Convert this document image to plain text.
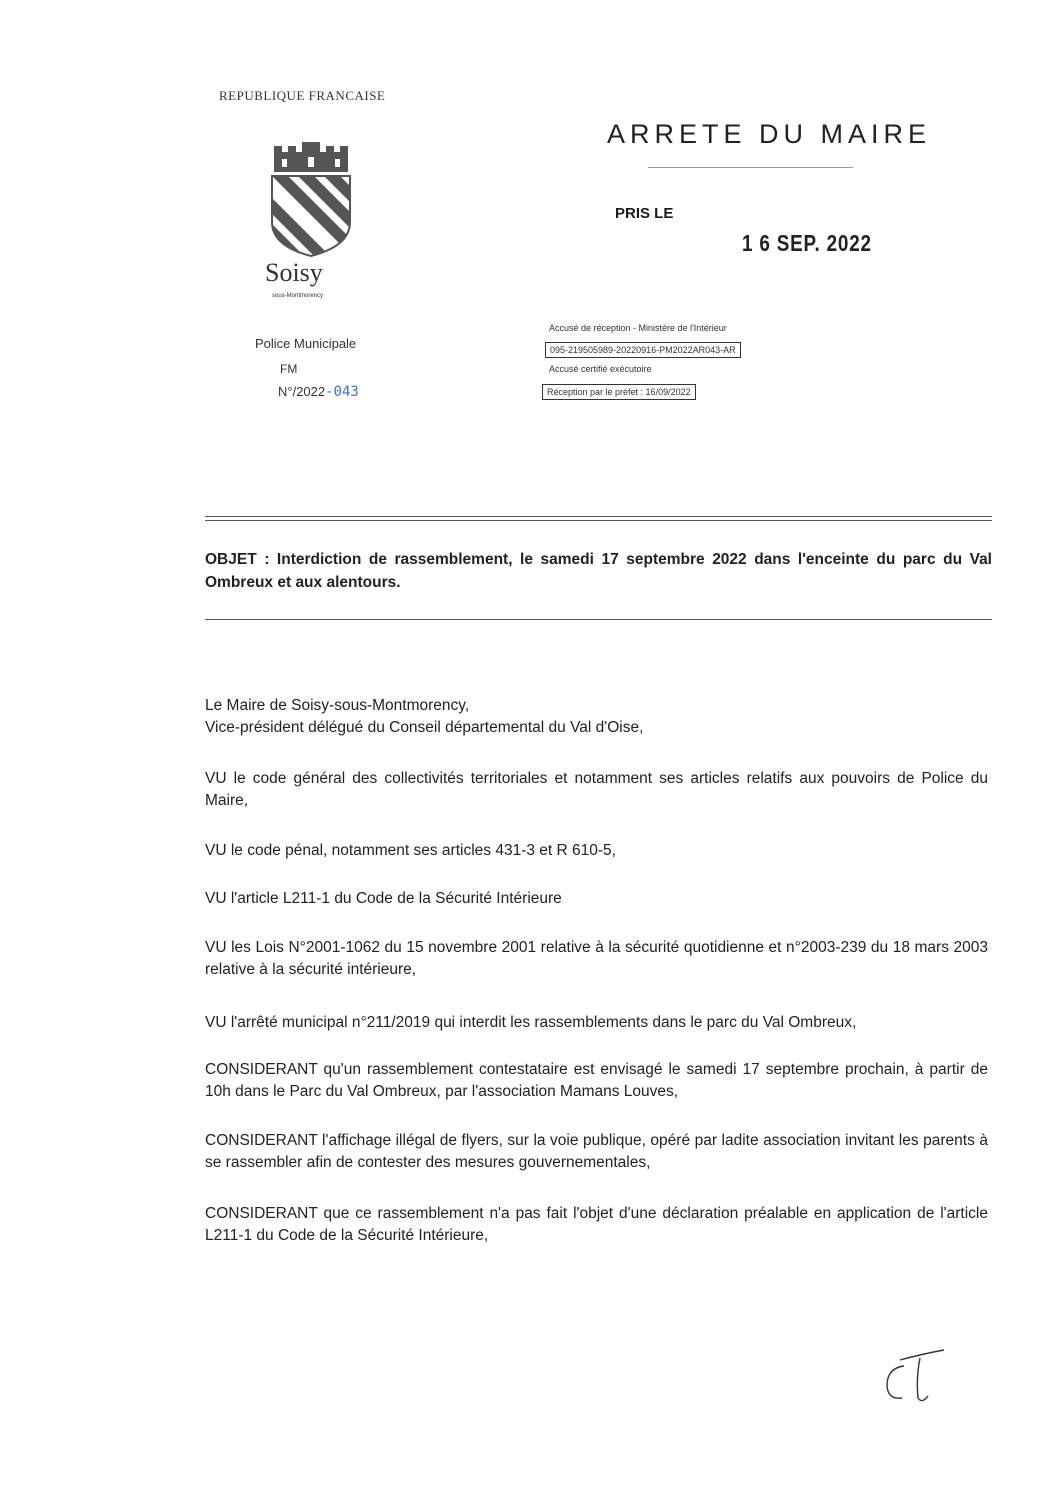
REPUBLIQUE FRANCAISE
Soisy
sous-Montmorency
ARRETE DU MAIRE
PRIS LE
1 6 SEP. 2022
Police Municipale
FM
N°/2022-043
Accusé de réception - Ministère de l'Intérieur
095-219505989-20220916-PM2022AR043-AR
Accusé certifié exécutoire
Réception par le préfet : 16/09/2022
OBJET : Interdiction de rassemblement, le samedi 17 septembre 2022 dans l'enceinte du parc du Val Ombreux et aux alentours.

Le Maire de Soisy-sous-Montmorency,

Vice-président délégué du Conseil départemental du Val d'Oise,

VU le code général des collectivités territoriales et notamment ses articles relatifs aux pouvoirs de Police du Maire,

VU le code pénal, notamment ses articles 431-3 et R 610-5,

VU l'article L211-1 du Code de la Sécurité Intérieure

VU les Lois N°2001-1062 du 15 novembre 2001 relative à la sécurité quotidienne et n°2003-239 du 18 mars 2003 relative à la sécurité intérieure,

VU l'arrêté municipal n°211/2019 qui interdit les rassemblements dans le parc du Val Ombreux,

CONSIDERANT qu'un rassemblement contestataire est envisagé le samedi 17 septembre prochain, à partir de 10h dans le Parc du Val Ombreux, par l'association Mamans Louves,

CONSIDERANT l'affichage illégal de flyers, sur la voie publique, opéré par ladite association invitant les parents à se rassembler afin de contester des mesures gouvernementales,

CONSIDERANT que ce rassemblement n'a pas fait l'objet d'une déclaration préalable en application de l'article L211-1 du Code de la Sécurité Intérieure,
